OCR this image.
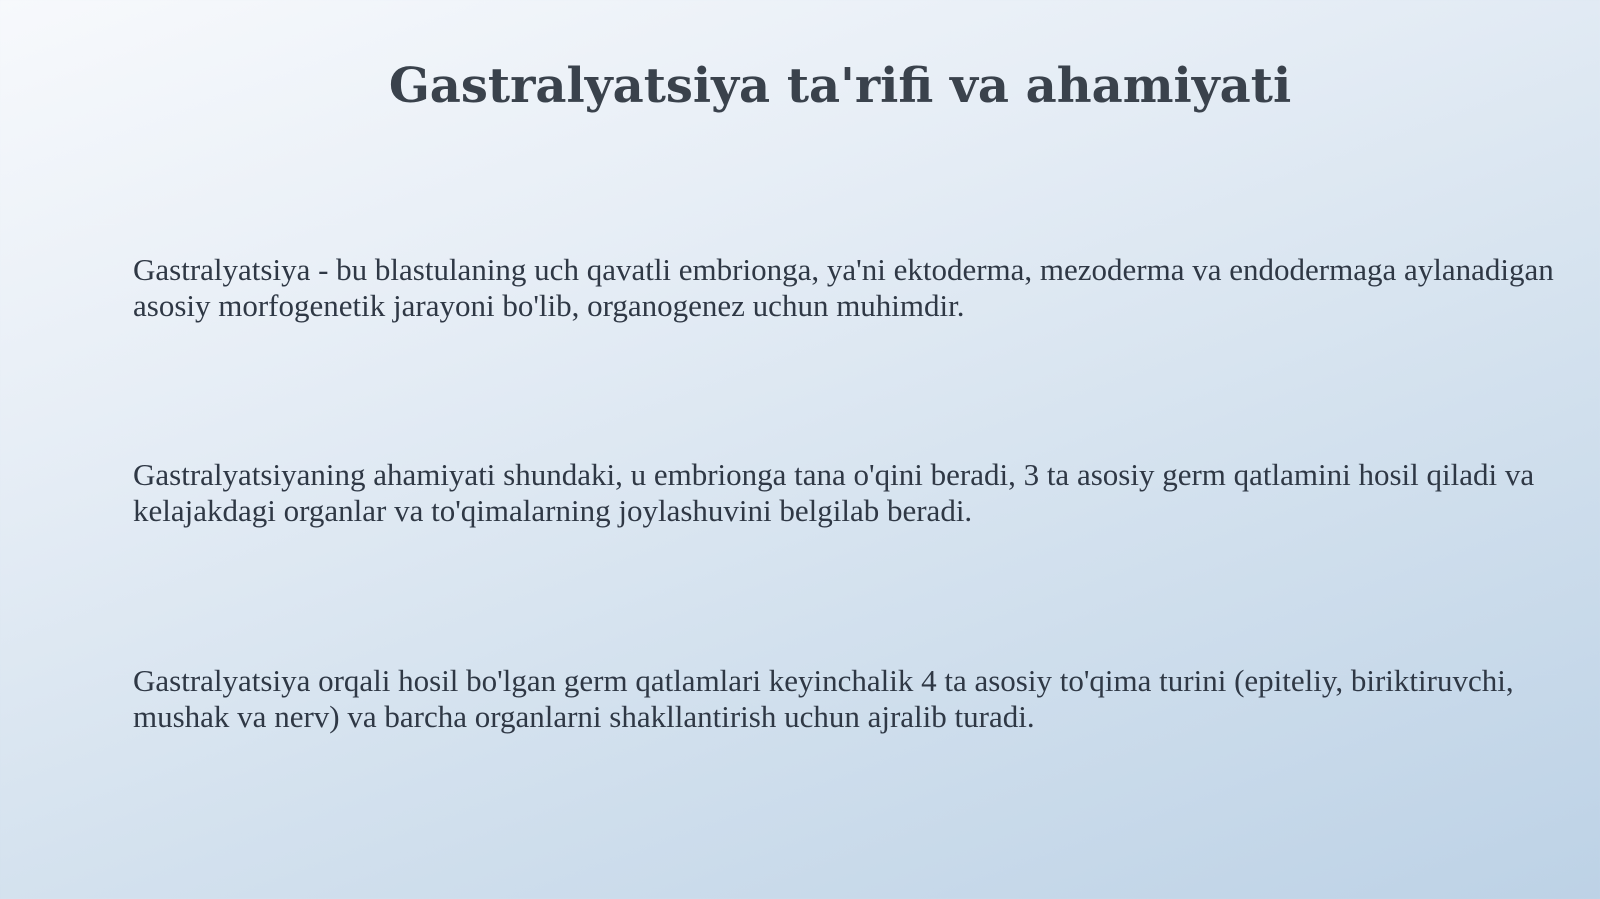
Gastralyatsiya ta'rifi va ahamiyati

Gastralyatsiya - bu blastulaning uch qavatli embrionga, ya'ni ektoderma, mezoderma va endodermaga aylanadigan asosiy morfogenetik jarayoni bo'lib, organogenez uchun muhimdir.

Gastralyatsiyaning ahamiyati shundaki, u embrionga tana o'qini beradi, 3 ta asosiy germ qatlamini hosil qiladi va kelajakdagi organlar va to'qimalarning joylashuvini belgilab beradi.

Gastralyatsiya orqali hosil bo'lgan germ qatlamlari keyinchalik 4 ta asosiy to'qima turini (epiteliy, biriktiruvchi, mushak va nerv) va barcha organlarni shakllantirish uchun ajralib turadi.
